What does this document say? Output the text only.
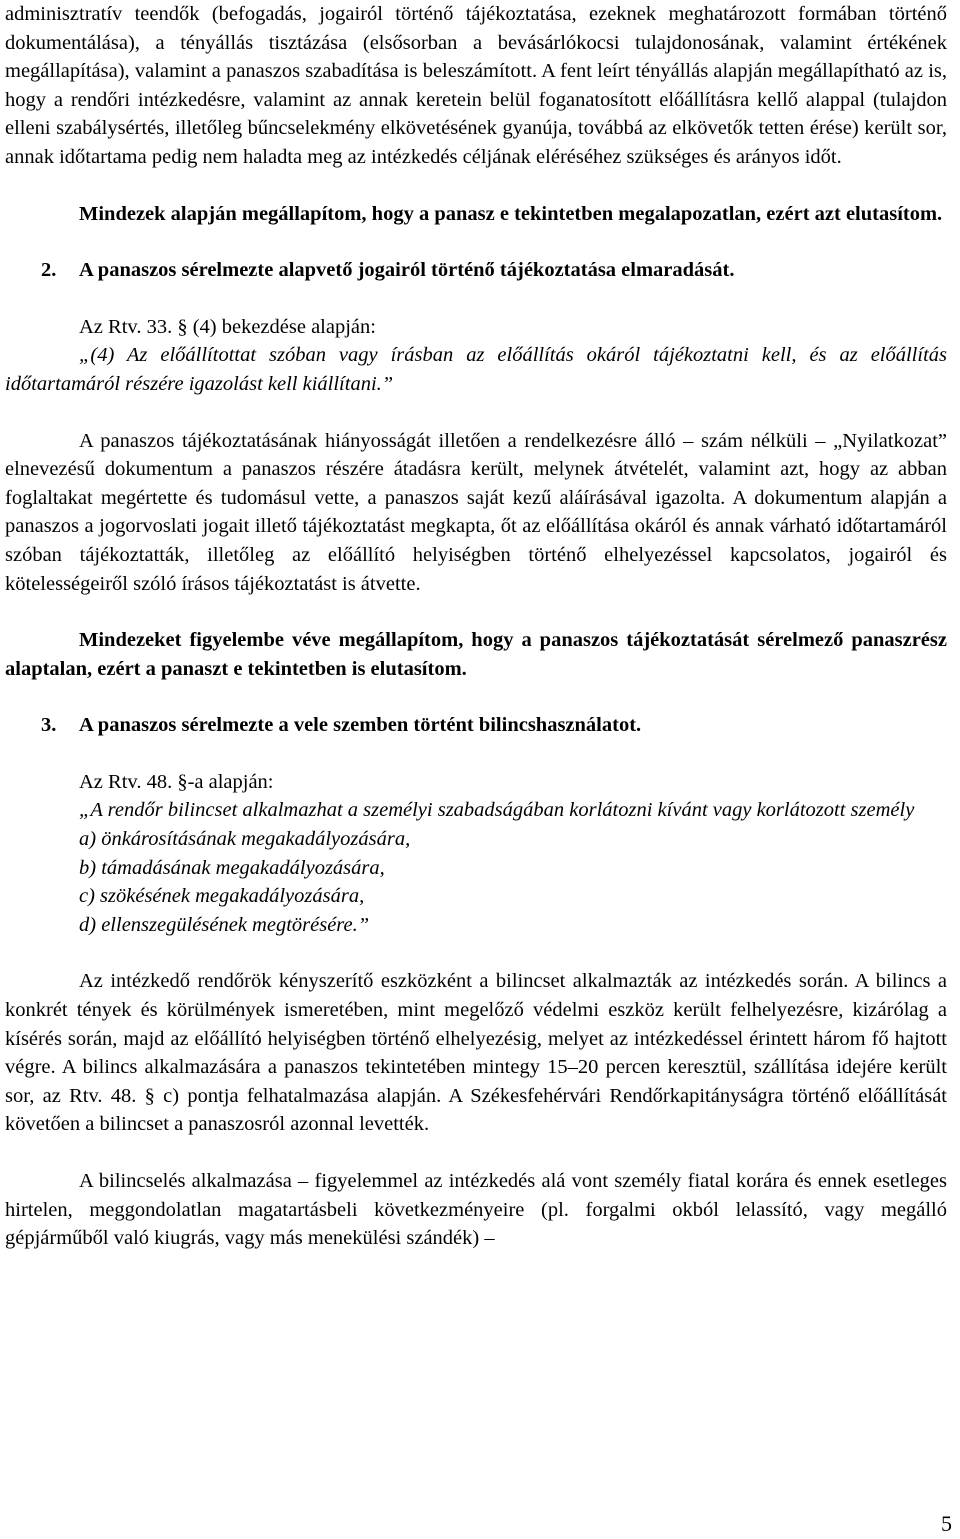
adminisztratív teendők (befogadás, jogairól történő tájékoztatása, ezeknek meghatározott formában történő dokumentálása), a tényállás tisztázása (elsősorban a bevásárlókocsi tulajdonosának, valamint értékének megállapítása), valamint a panaszos szabadítása is beleszámított. A fent leírt tényállás alapján megállapítható az is, hogy a rendőri intézkedésre, valamint az annak keretein belül foganatosított előállításra kellő alappal (tulajdon elleni szabálysértés, illetőleg bűncselekmény elkövetésének gyanúja, továbbá az elkövetők tetten érése) került sor, annak időtartama pedig nem haladta meg az intézkedés céljának eléréséhez szükséges és arányos időt.

Mindezek alapján megállapítom, hogy a panasz e tekintetben megalapozatlan, ezért azt elutasítom.

2. A panaszos sérelmezte alapvető jogairól történő tájékoztatása elmaradását.

Az Rtv. 33. § (4) bekezdése alapján:

„(4) Az előállítottat szóban vagy írásban az előállítás okáról tájékoztatni kell, és az előállítás időtartamáról részére igazolást kell kiállítani.”

A panaszos tájékoztatásának hiányosságát illetően a rendelkezésre álló – szám nélküli – „Nyilatkozat” elnevezésű dokumentum a panaszos részére átadásra került, melynek átvételét, valamint azt, hogy az abban foglaltakat megértette és tudomásul vette, a panaszos saját kezű aláírásával igazolta. A dokumentum alapján a panaszos a jogorvoslati jogait illető tájékoztatást megkapta, őt az előállítása okáról és annak várható időtartamáról szóban tájékoztatták, illetőleg az előállító helyiségben történő elhelyezéssel kapcsolatos, jogairól és kötelességeiről szóló írásos tájékoztatást is átvette.

Mindezeket figyelembe véve megállapítom, hogy a panaszos tájékoztatását sérelmező panaszrész alaptalan, ezért a panaszt e tekintetben is elutasítom.

3. A panaszos sérelmezte a vele szemben történt bilincshasználatot.

Az Rtv. 48. §-a alapján:

„A rendőr bilincset alkalmazhat a személyi szabadságában korlátozni kívánt vagy korlátozott személy

a) önkárosításának megakadályozására,

b) támadásának megakadályozására,

c) szökésének megakadályozására,

d) ellenszegülésének megtörésére.”

Az intézkedő rendőrök kényszerítő eszközként a bilincset alkalmazták az intézkedés során. A bilincs a konkrét tények és körülmények ismeretében, mint megelőző védelmi eszköz került felhelyezésre, kizárólag a kísérés során, majd az előállító helyiségben történő elhelyezésig, melyet az intézkedéssel érintett három fő hajtott végre. A bilincs alkalmazására a panaszos tekintetében mintegy 15–20 percen keresztül, szállítása idejére került sor, az Rtv. 48. § c) pontja felhatalmazása alapján. A Székesfehérvári Rendőrkapitányságra történő előállítását követően a bilincset a panaszosról azonnal levették.

A bilincselés alkalmazása – figyelemmel az intézkedés alá vont személy fiatal korára és ennek esetleges hirtelen, meggondolatlan magatartásbeli következményeire (pl. forgalmi okból lelassító, vagy megálló gépjárműből való kiugrás, vagy más menekülési szándék) –

5
